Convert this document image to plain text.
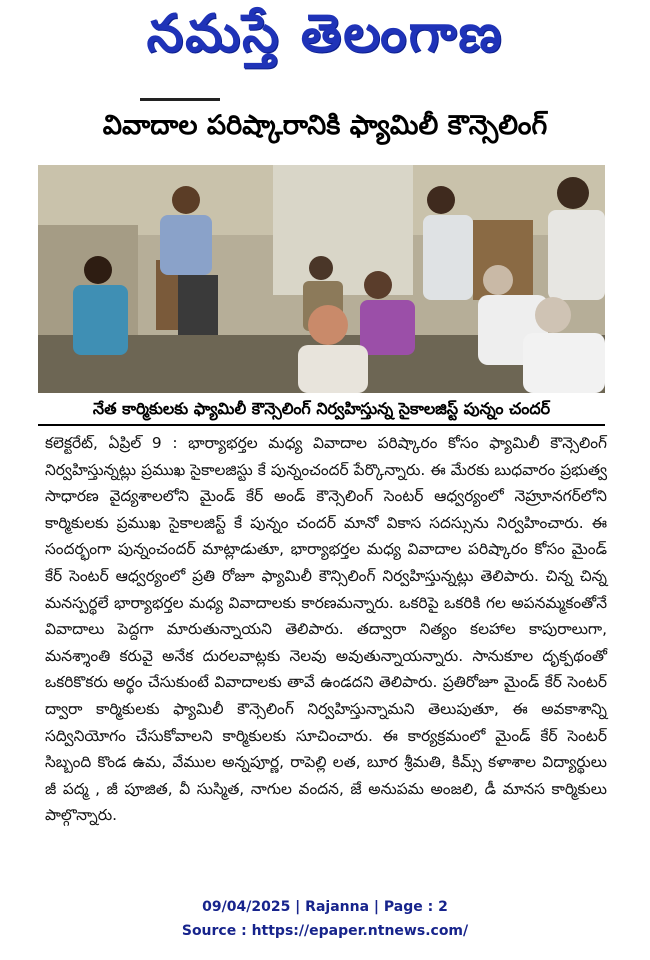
నమస్తే తెలంగాణ
వివాదాల పరిష్కారానికి ఫ్యామిలీ కౌన్సెలింగ్
నేత కార్మికులకు ఫ్యామిలీ కౌన్సెలింగ్ నిర్వహిస్తున్న సైకాలజిస్ట్ పున్నం చందర్
కలెక్టరేట్, ఏప్రిల్ 9 : భార్యాభర్తల మధ్య వివాదాల పరిష్కారం కోసం ఫ్యామిలీ కౌన్సెలింగ్ నిర్వహిస్తున్నట్లు ప్రముఖ సైకాలజిస్టు కే పున్నంచందర్ పేర్కొన్నారు. ఈ మేరకు బుధవారం ప్రభుత్వ సాధారణ వైద్యశాలలోని మైండ్ కేర్ అండ్ కౌన్సెలింగ్ సెంటర్ ఆధ్వర్యంలో నెహ్రూనగర్‌లోని కార్మికులకు ప్రముఖ సైకాలజిస్ట్ కే పున్నం చందర్ మానో వికాస సదస్సును నిర్వహించారు. ఈ సందర్భంగా పున్నంచందర్ మాట్లాడుతూ, భార్యాభర్తల మధ్య వివాదాల పరిష్కారం కోసం మైండ్ కేర్ సెంటర్ ఆధ్వర్యంలో ప్రతి రోజూ ఫ్యామిలీ కౌన్సిలింగ్ నిర్వహిస్తున్నట్లు తెలిపారు. చిన్న చిన్న మనస్పర్థలే భార్యాభర్తల మధ్య వివాదాలకు కారణమన్నారు. ఒకరిపై ఒకరికి గల అపనమ్మకంతోనే వివాదాలు పెద్దగా మారుతున్నాయని తెలిపారు. తద్వారా నిత్యం కలహాల కాపురాలుగా, మనశ్శాంతి కరువై అనేక దురలవాట్లకు నెలవు అవుతున్నాయన్నారు. సానుకూల దృక్పథంతో ఒకరికొకరు అర్థం చేసుకుంటే వివాదాలకు తావే ఉండదని తెలిపారు. ప్రతిరోజూ మైండ్ కేర్ సెంటర్ ద్వారా కార్మికులకు ఫ్యామిలీ కౌన్సెలింగ్ నిర్వహిస్తున్నామని తెలుపుతూ, ఈ అవకాశాన్ని సద్వినియోగం చేసుకోవాలని కార్మికులకు సూచించారు. ఈ కార్యక్రమంలో మైండ్ కేర్ సెంటర్ సిబ్బంది కొండ ఉమ, వేముల అన్నపూర్ణ, రాపెల్లి లత, బూర శ్రీమతి, కిమ్స్ కళాశాల విద్యార్థులు జీ పద్మ , జీ పూజిత, వీ సుస్మిత, నాగుల వందన, జే అనుపమ అంజలి, డీ మానస కార్మికులు పాల్గొన్నారు.
09/04/2025 | Rajanna | Page : 2
Source : https://epaper.ntnews.com/
